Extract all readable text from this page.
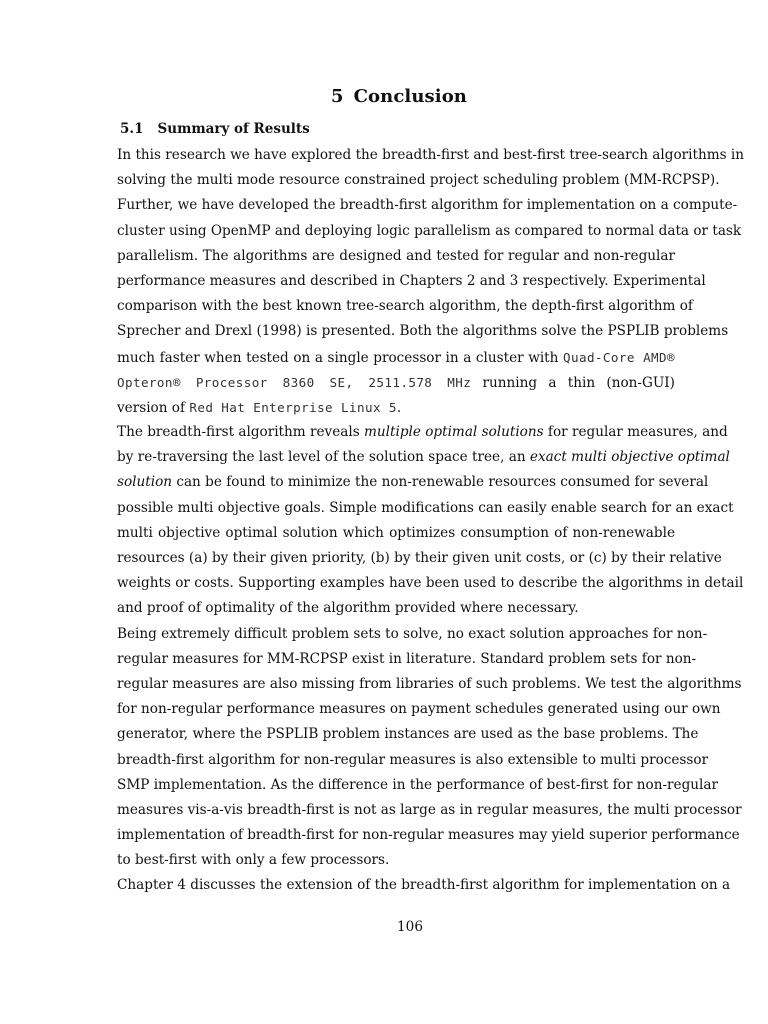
5 Conclusion
5.1 Summary of Results
In this research we have explored the breadth-first and best-first tree-search algorithms in
solving the multi mode resource constrained project scheduling problem (MM-RCPSP).
Further, we have developed the breadth-first algorithm for implementation on a compute-
cluster using OpenMP and deploying logic parallelism as compared to normal data or task
parallelism. The algorithms are designed and tested for regular and non-regular
performance measures and described in Chapters 2 and 3 respectively. Experimental
comparison with the best known tree-search algorithm, the depth-first algorithm of
Sprecher and Drexl (1998) is presented. Both the algorithms solve the PSPLIB problems
much faster when tested on a single processor in a cluster with Quad-Core AMD®
Opteron® Processor 8360 SE, 2511.578 MHz running a thin (non-GUI)
version of Red Hat Enterprise Linux 5.
The breadth-first algorithm reveals multiple optimal solutions for regular measures, and
by re-traversing the last level of the solution space tree, an exact multi objective optimal
solution can be found to minimize the non-renewable resources consumed for several
possible multi objective goals. Simple modifications can easily enable search for an exact
multi objective optimal solution which optimizes consumption of non-renewable
resources (a) by their given priority, (b) by their given unit costs, or (c) by their relative
weights or costs. Supporting examples have been used to describe the algorithms in detail
and proof of optimality of the algorithm provided where necessary.
Being extremely difficult problem sets to solve, no exact solution approaches for non-
regular measures for MM-RCPSP exist in literature. Standard problem sets for non-
regular measures are also missing from libraries of such problems. We test the algorithms
for non-regular performance measures on payment schedules generated using our own
generator, where the PSPLIB problem instances are used as the base problems. The
breadth-first algorithm for non-regular measures is also extensible to multi processor
SMP implementation. As the difference in the performance of best-first for non-regular
measures vis-a-vis breadth-first is not as large as in regular measures, the multi processor
implementation of breadth-first for non-regular measures may yield superior performance
to best-first with only a few processors.
Chapter 4 discusses the extension of the breadth-first algorithm for implementation on a
106
